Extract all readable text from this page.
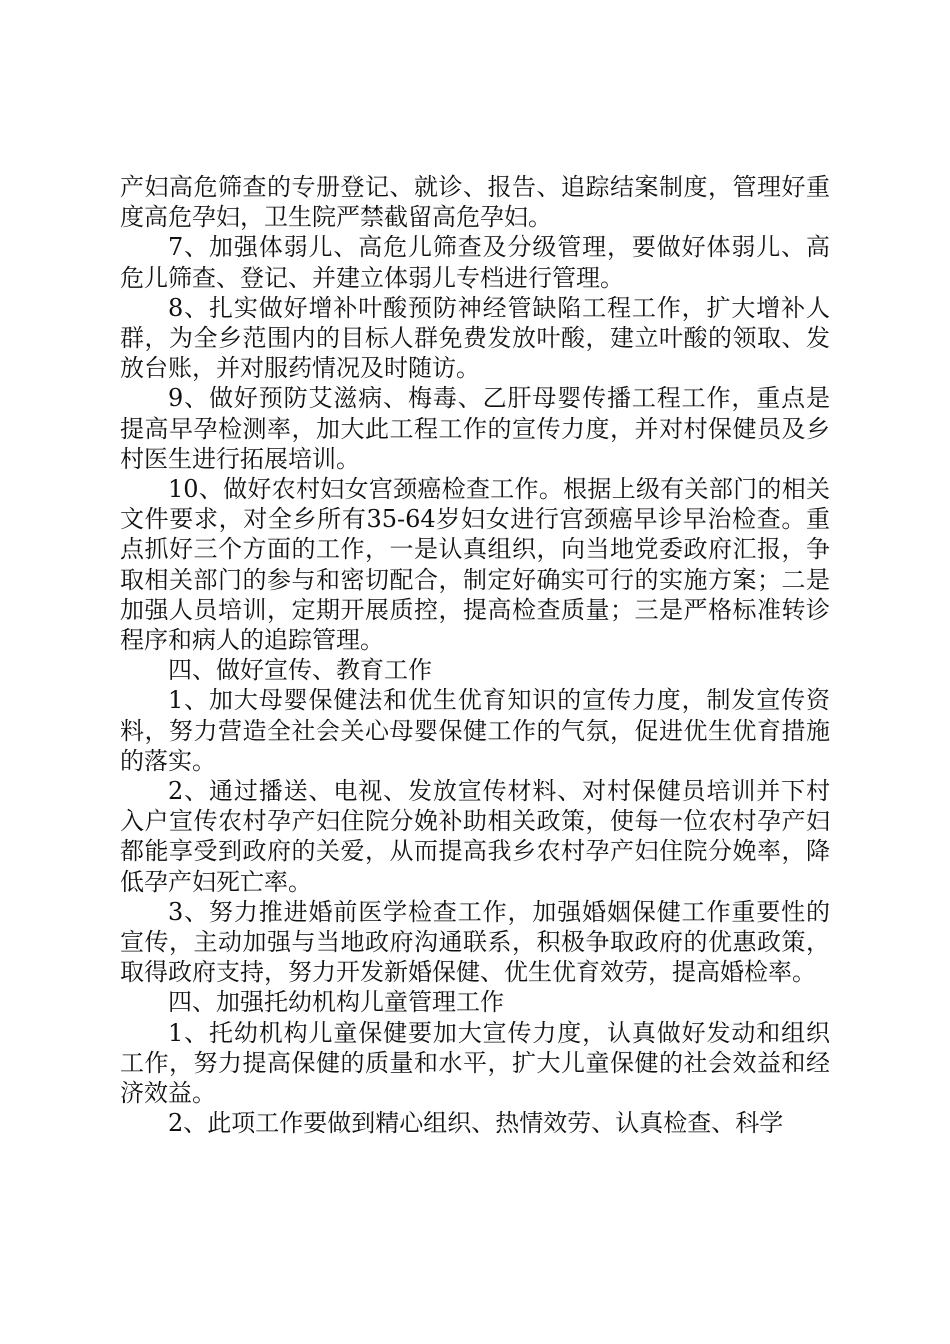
产妇高危筛查的专册登记、就诊、报告、追踪结案制度，管理好重度高危孕妇，卫生院严禁截留高危孕妇。

7、加强体弱儿、高危儿筛查及分级管理，要做好体弱儿、高危儿筛查、登记、并建立体弱儿专档进行管理。

8、扎实做好增补叶酸预防神经管缺陷工程工作，扩大增补人群，为全乡范围内的目标人群免费发放叶酸，建立叶酸的领取、发放台账，并对服药情况及时随访。

9、做好预防艾滋病、梅毒、乙肝母婴传播工程工作，重点是提高早孕检测率，加大此工程工作的宣传力度，并对村保健员及乡村医生进行拓展培训。

10、做好农村妇女宫颈癌检查工作。根据上级有关部门的相关文件要求，对全乡所有35-64岁妇女进行宫颈癌早诊早治检查。重点抓好三个方面的工作，一是认真组织，向当地党委政府汇报，争取相关部门的参与和密切配合，制定好确实可行的实施方案；二是加强人员培训，定期开展质控，提高检查质量；三是严格标准转诊程序和病人的追踪管理。

四、做好宣传、教育工作

1、加大母婴保健法和优生优育知识的宣传力度，制发宣传资料，努力营造全社会关心母婴保健工作的气氛，促进优生优育措施的落实。

2、通过播送、电视、发放宣传材料、对村保健员培训并下村入户宣传农村孕产妇住院分娩补助相关政策，使每一位农村孕产妇都能享受到政府的关爱，从而提高我乡农村孕产妇住院分娩率，降低孕产妇死亡率。

3、努力推进婚前医学检查工作，加强婚姻保健工作重要性的宣传，主动加强与当地政府沟通联系，积极争取政府的优惠政策，取得政府支持，努力开发新婚保健、优生优育效劳，提高婚检率。

四、加强托幼机构儿童管理工作

1、托幼机构儿童保健要加大宣传力度，认真做好发动和组织工作，努力提高保健的质量和水平，扩大儿童保健的社会效益和经济效益。

2、此项工作要做到精心组织、热情效劳、认真检查、科学
